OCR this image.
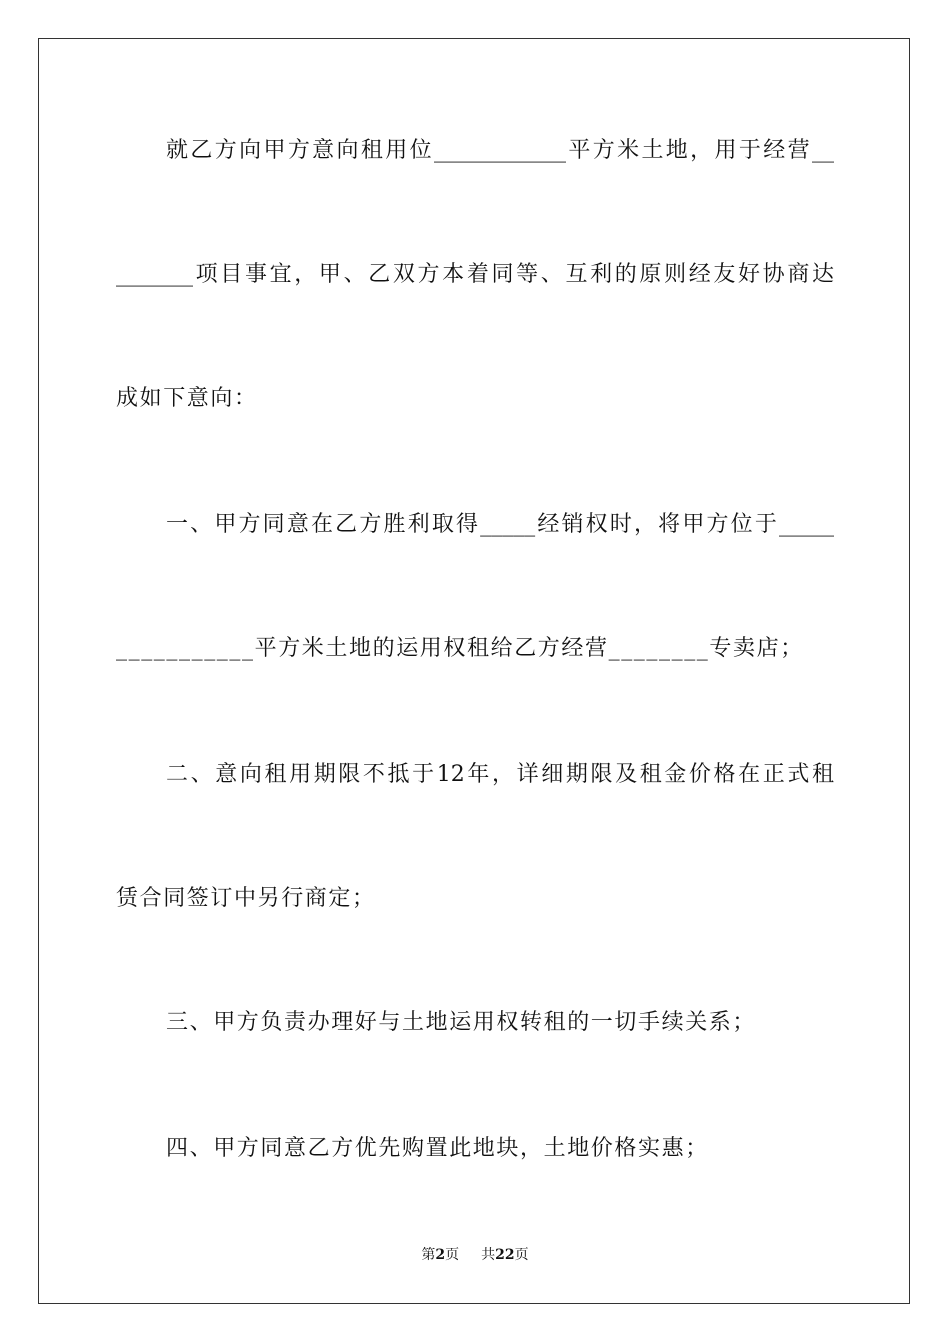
就乙方向甲方意向租用位____________平方米土地，用于经营__
_______项目事宜，甲、乙双方本着同等、互利的原则经友好协商达
成如下意向：
一、甲方同意在乙方胜利取得_____经销权时，将甲方位于_____
___________平方米土地的运用权租给乙方经营________专卖店；
二、意向租用期限不抵于12年，详细期限及租金价格在正式租
赁合同签订中另行商定；
三、甲方负责办理好与土地运用权转租的一切手续关系；
四、甲方同意乙方优先购置此地块，土地价格实惠；
第2页 共22页
